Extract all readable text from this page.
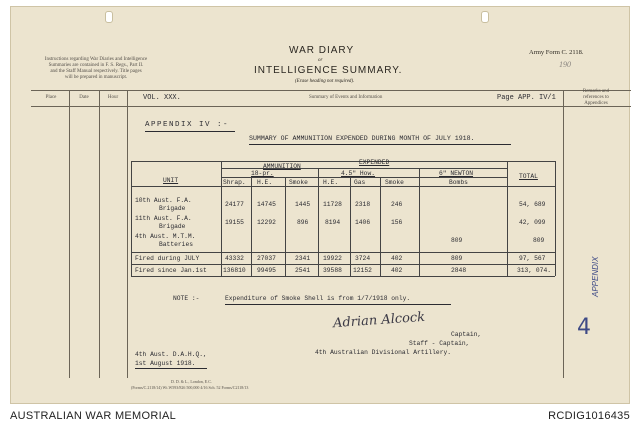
Instructions regarding War Diaries and Intelligence
Summaries are contained in F. S. Regs., Part II.
and the Staff Manual respectively. Title pages
will be prepared in manuscript.
WAR DIARY
or
INTELLIGENCE SUMMARY.
(Erase heading not required).
Army Form C. 2118.
190
Place	Date	Hour	VOL. XXX.	Summary of Events and Information	Page APP. IV/1
Remarks and
references to
Appendices
APPENDIX IV :-
SUMMARY OF AMMUNITION EXPENDED DURING MONTH OF JULY 1918.
UNIT
AMMUNITION
EXPENDED
18-pr.	4.5" How.	6" NEWTON	TOTAL
Shrap. H.E.	Smoke H.E.	Gas	Smoke	Bombs
10th Aust. F.A.
Brigade
24177 14745	1445 11728 2318	246	54, 689
11th Aust. F.A.
Brigade
19155 12292	896	8194 1406	156	42, 099
4th Aust. M.T.M.
Batteries
809	809
Fired during JULY	43332 27037	2341 19922 3724	402	809	97, 567
Fired since Jan.1st	136810 99495	2541 39588 12152	402	2848	313, 074.
NOTE :-	Expenditure of Smoke Shell is from 1/7/1918 only.
Adrian Alcock
Captain,
Staff - Captain,
4th Australian Divisional Artillery.
4th Aust. D.A.H.Q.,
1st August 1918.
APPENDIX
4
D. D. & L., London, E.C.
(Forms/C.2118/14) Wt.W593/826 500,000 4/16 Sch. 52 Forms/C2118/13
AUSTRALIAN WAR MEMORIAL	RCDIG1016435
